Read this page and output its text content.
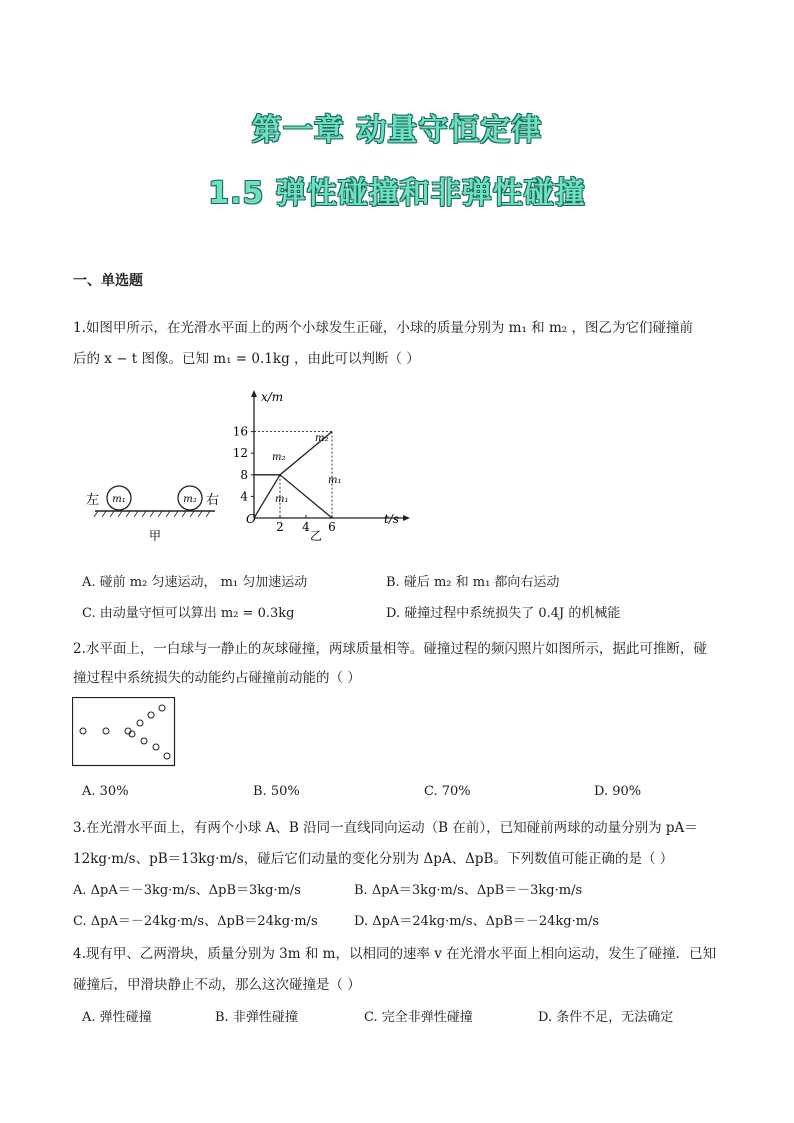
第一章 动量守恒定律
1.5 弹性碰撞和非弹性碰撞
一、单选题
1.如图甲所示，在光滑水平面上的两个小球发生正碰，小球的质量分别为 m₁ 和 m₂ ，图乙为它们碰撞前
后的 x − t 图像。已知 m₁ = 0.1kg ，由此可以判断（ ）
m₁	m₂
左	右
甲
x/m
t/s
O
4
8
12
16
2 4 6
m₂
m₂
m₁
m₁
乙
A. 碰前 m₂ 匀速运动， m₁ 匀加速运动	B. 碰后 m₂ 和 m₁ 都向右运动
C. 由动量守恒可以算出 m₂ = 0.3kg	D. 碰撞过程中系统损失了 0.4J 的机械能
2.水平面上，一白球与一静止的灰球碰撞，两球质量相等。碰撞过程的频闪照片如图所示，据此可推断，碰
撞过程中系统损失的动能约占碰撞前动能的（ ）
A. 30%	B. 50%	C. 70%	D. 90%
3.在光滑水平面上，有两个小球 A、B 沿同一直线同向运动（B 在前），已知碰前两球的动量分别为 pA＝
12kg·m/s、pB＝13kg·m/s，碰后它们动量的变化分别为 ΔpA、ΔpB。下列数值可能正确的是（ ）
A. ΔpA＝－3kg·m/s、ΔpB＝3kg·m/s	B. ΔpA＝3kg·m/s、ΔpB＝－3kg·m/s
C. ΔpA＝－24kg·m/s、ΔpB＝24kg·m/s	D. ΔpA＝24kg·m/s、ΔpB＝－24kg·m/s
4.现有甲、乙两滑块，质量分别为 3m 和 m，以相同的速率 v 在光滑水平面上相向运动，发生了碰撞．已知
碰撞后，甲滑块静止不动，那么这次碰撞是（ ）
A. 弹性碰撞	B. 非弹性碰撞	C. 完全非弹性碰撞	D. 条件不足，无法确定
